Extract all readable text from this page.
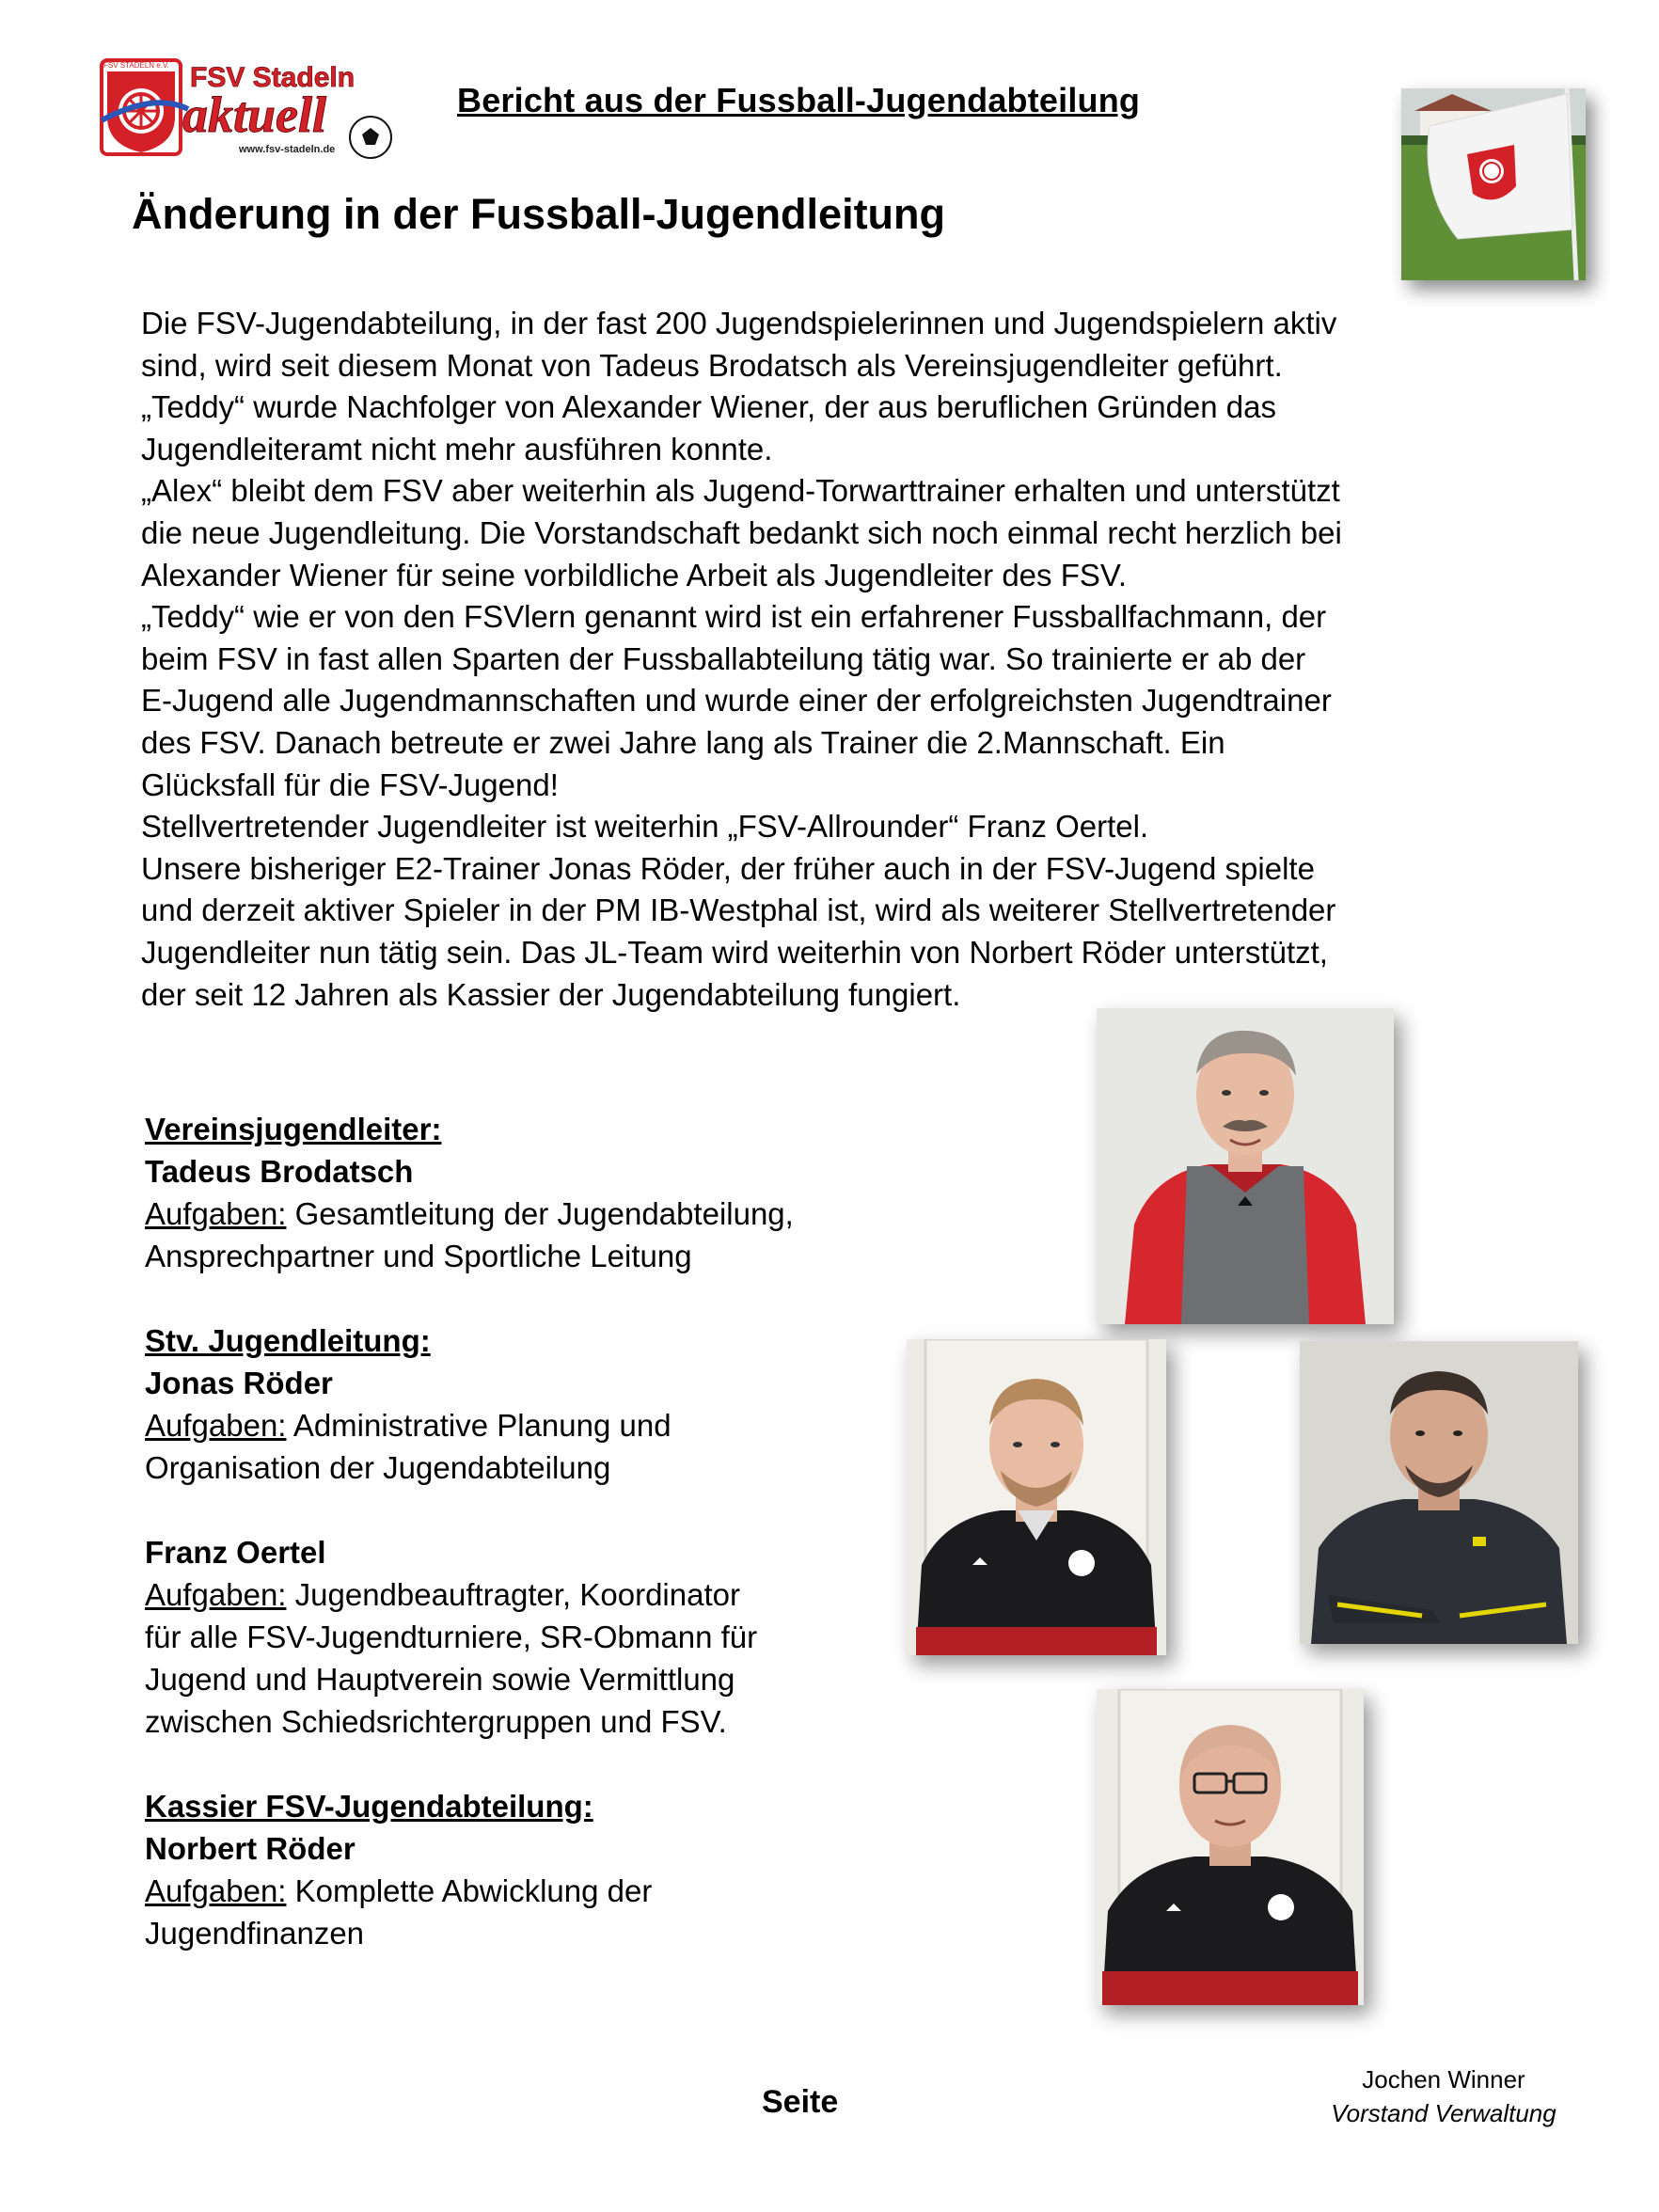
FSV STADELN e.V. FSV Stadeln
aktuell
www.fsv-stadeln.de
Bericht aus der Fussball-Jugendabteilung
Änderung in der Fussball-Jugendleitung

Die FSV-Jugendabteilung, in der fast 200 Jugendspielerinnen und Jugendspielern aktiv

sind, wird seit diesem Monat von Tadeus Brodatsch als Vereinsjugendleiter geführt.

„Teddy“ wurde Nachfolger von Alexander Wiener, der aus beruflichen Gründen das

Jugendleiteramt nicht mehr ausführen konnte.

„Alex“ bleibt dem FSV aber weiterhin als Jugend-Torwarttrainer erhalten und unterstützt

die neue Jugendleitung. Die Vorstandschaft bedankt sich noch einmal recht herzlich bei

Alexander Wiener für seine vorbildliche Arbeit als Jugendleiter des FSV.

„Teddy“ wie er von den FSVlern genannt wird ist ein erfahrener Fussballfachmann, der

beim FSV in fast allen Sparten der Fussballabteilung tätig war. So trainierte er ab der

E-Jugend alle Jugendmannschaften und wurde einer der erfolgreichsten Jugendtrainer

des FSV. Danach betreute er zwei Jahre lang als Trainer die 2.Mannschaft. Ein

Glücksfall für die FSV-Jugend!

Stellvertretender Jugendleiter ist weiterhin „FSV-Allrounder“ Franz Oertel.

Unsere bisheriger E2-Trainer Jonas Röder, der früher auch in der FSV-Jugend spielte

und derzeit aktiver Spieler in der PM IB-Westphal ist, wird als weiterer Stellvertretender

Jugendleiter nun tätig sein. Das JL-Team wird weiterhin von Norbert Röder unterstützt,

der seit 12 Jahren als Kassier der Jugendabteilung fungiert.

Vereinsjugendleiter:

Tadeus Brodatsch

Aufgaben: Gesamtleitung der Jugendabteilung,

Ansprechpartner und Sportliche Leitung

Stv. Jugendleitung:

Jonas Röder

Aufgaben: Administrative Planung und

Organisation der Jugendabteilung

Franz Oertel

Aufgaben: Jugendbeauftragter, Koordinator

für alle FSV-Jugendturniere, SR-Obmann für

Jugend und Hauptverein sowie Vermittlung

zwischen Schiedsrichtergruppen und FSV.

Kassier FSV-Jugendabteilung:

Norbert Röder

Aufgaben: Komplette Abwicklung der

Jugendfinanzen

Seite
Jochen Winner
Vorstand Verwaltung
